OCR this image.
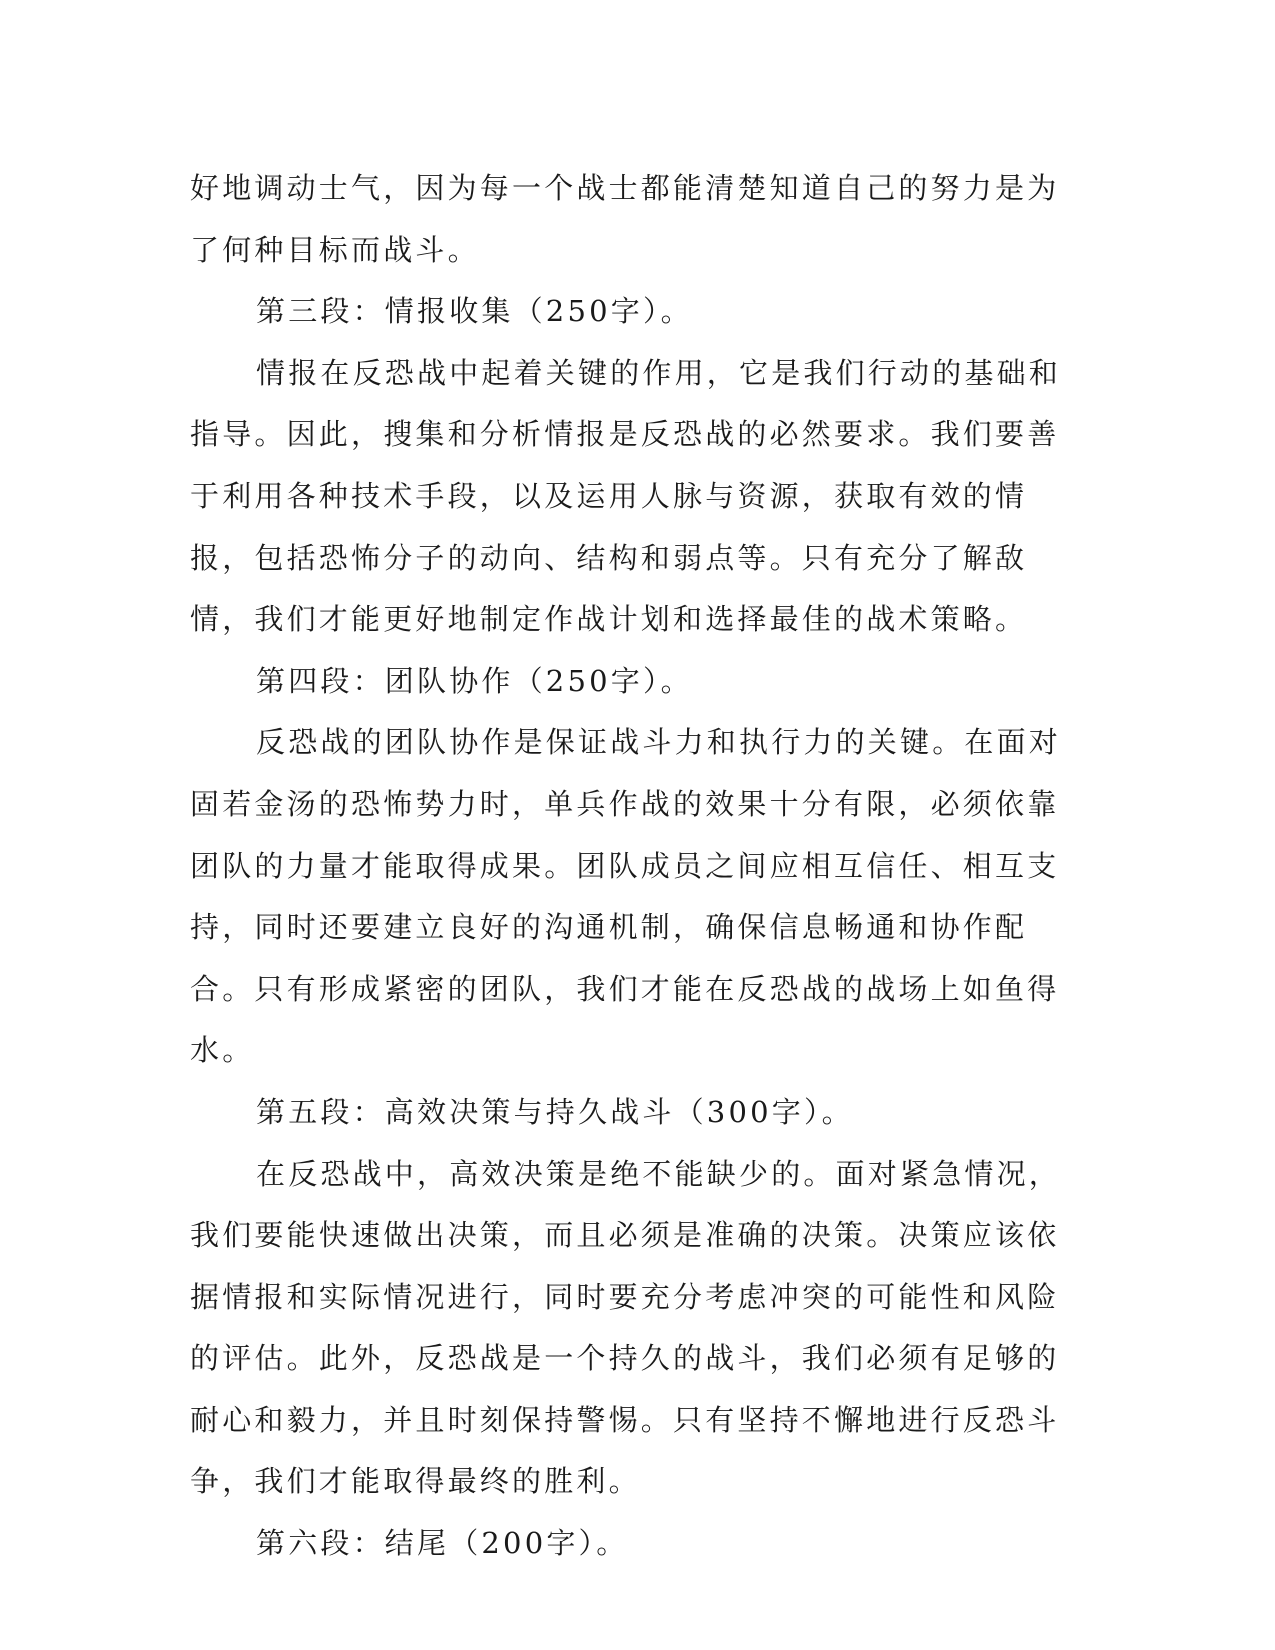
好地调动士气，因为每一个战士都能清楚知道自己的努力是为了何种目标而战斗。

第三段：情报收集（250字）。

情报在反恐战中起着关键的作用，它是我们行动的基础和指导。因此，搜集和分析情报是反恐战的必然要求。我们要善于利用各种技术手段，以及运用人脉与资源，获取有效的情报，包括恐怖分子的动向、结构和弱点等。只有充分了解敌情，我们才能更好地制定作战计划和选择最佳的战术策略。

第四段：团队协作（250字）。

反恐战的团队协作是保证战斗力和执行力的关键。在面对固若金汤的恐怖势力时，单兵作战的效果十分有限，必须依靠团队的力量才能取得成果。团队成员之间应相互信任、相互支持，同时还要建立良好的沟通机制，确保信息畅通和协作配合。只有形成紧密的团队，我们才能在反恐战的战场上如鱼得水。

第五段：高效决策与持久战斗（300字）。

在反恐战中，高效决策是绝不能缺少的。面对紧急情况，我们要能快速做出决策，而且必须是准确的决策。决策应该依据情报和实际情况进行，同时要充分考虑冲突的可能性和风险的评估。此外，反恐战是一个持久的战斗，我们必须有足够的耐心和毅力，并且时刻保持警惕。只有坚持不懈地进行反恐斗争，我们才能取得最终的胜利。

第六段：结尾（200字）。
